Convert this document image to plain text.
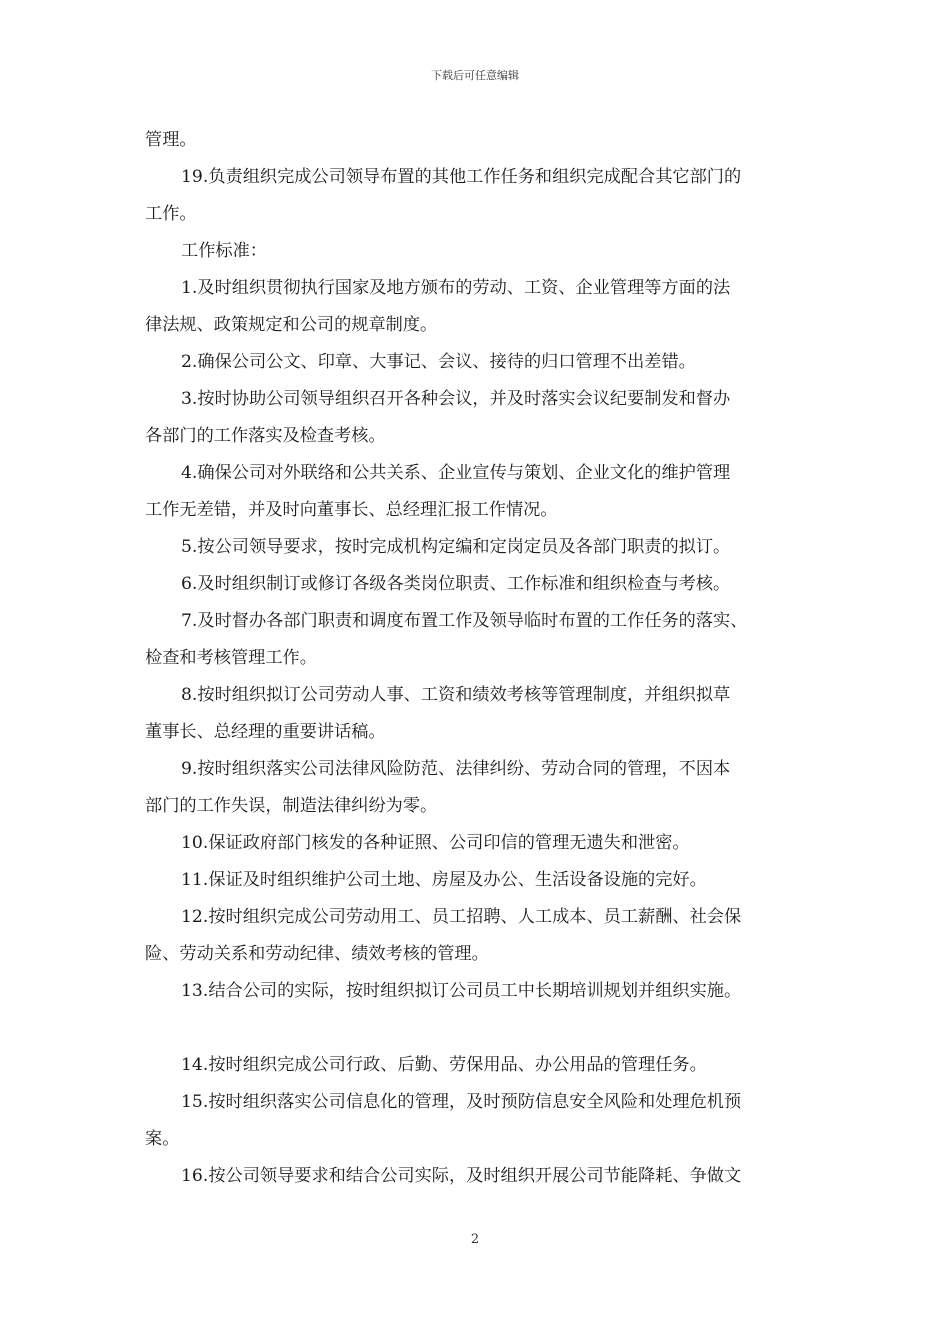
下载后可任意编辑

管理。

19.负责组织完成公司领导布置的其他工作任务和组织完成配合其它部门的
工作。

工作标准：

1.及时组织贯彻执行国家及地方颁布的劳动、工资、企业管理等方面的法
律法规、政策规定和公司的规章制度。

2.确保公司公文、印章、大事记、会议、接待的归口管理不出差错。

3.按时协助公司领导组织召开各种会议，并及时落实会议纪要制发和督办
各部门的工作落实及检查考核。

4.确保公司对外联络和公共关系、企业宣传与策划、企业文化的维护管理
工作无差错，并及时向董事长、总经理汇报工作情况。

5.按公司领导要求，按时完成机构定编和定岗定员及各部门职责的拟订。

6.及时组织制订或修订各级各类岗位职责、工作标准和组织检查与考核。

7.及时督办各部门职责和调度布置工作及领导临时布置的工作任务的落实、
检查和考核管理工作。

8.按时组织拟订公司劳动人事、工资和绩效考核等管理制度，并组织拟草
董事长、总经理的重要讲话稿。

9.按时组织落实公司法律风险防范、法律纠纷、劳动合同的管理，不因本
部门的工作失误，制造法律纠纷为零。

10.保证政府部门核发的各种证照、公司印信的管理无遗失和泄密。

11.保证及时组织维护公司土地、房屋及办公、生活设备设施的完好。

12.按时组织完成公司劳动用工、员工招聘、人工成本、员工薪酬、社会保
险、劳动关系和劳动纪律、绩效考核的管理。

13.结合公司的实际，按时组织拟订公司员工中长期培训规划并组织实施。

14.按时组织完成公司行政、后勤、劳保用品、办公用品的管理任务。

15.按时组织落实公司信息化的管理，及时预防信息安全风险和处理危机预
案。

16.按公司领导要求和结合公司实际，及时组织开展公司节能降耗、争做文

2
